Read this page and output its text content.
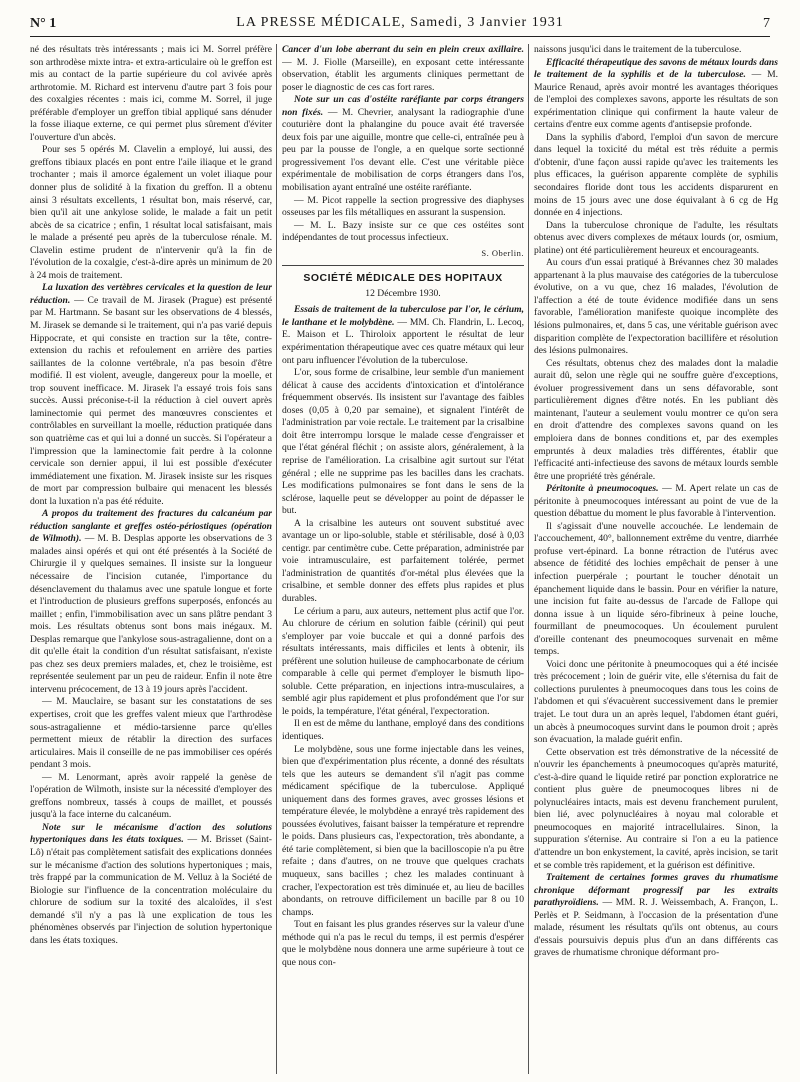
N° 1	LA PRESSE MÉDICALE, Samedi, 3 Janvier 1931	7

né des résultats très intéressants ; mais ici M. Sorrel préfère son arthrodèse mixte intra- et extra-articulaire où le greffon est mis au contact de la partie supérieure du col avivée après arthrotomie. M. Richard est intervenu d'autre part 3 fois pour des coxalgies récentes : mais ici, comme M. Sorrel, il juge préférable d'employer un greffon tibial appliqué sans dénuder la fosse iliaque externe, ce qui permet plus sûrement d'éviter l'ouverture d'un abcès.

Pour ses 5 opérés M. Clavelin a employé, lui aussi, des greffons tibiaux placés en pont entre l'aile iliaque et le grand trochanter ; mais il amorce également un volet iliaque pour donner plus de solidité à la fixation du greffon. Il a obtenu ainsi 3 résultats excellents, 1 résultat bon, mais réservé, car, bien qu'il ait une ankylose solide, le malade a fait un petit abcès de sa cicatrice ; enfin, 1 résultat local satisfaisant, mais le malade a présenté peu après de la tuberculose rénale. M. Clavelin estime prudent de n'intervenir qu'à la fin de l'évolution de la coxalgie, c'est-à-dire après un minimum de 20 à 24 mois de traitement.

La luxation des vertèbres cervicales et la question de leur réduction. — Ce travail de M. Jirasek (Prague) est présenté par M. Hartmann. Se basant sur les observations de 4 blessés, M. Jirasek se demande si le traitement, qui n'a pas varié depuis Hippocrate, et qui consiste en traction sur la tête, contre-extension du rachis et refoulement en arrière des parties saillantes de la colonne vertébrale, n'a pas besoin d'être modifié. Il est violent, aveugle, dangereux pour la moelle, et trop souvent inefficace. M. Jirasek l'a essayé trois fois sans succès. Aussi préconise-t-il la réduction à ciel ouvert après laminectomie qui permet des manœuvres conscientes et contrôlables en surveillant la moelle, réduction pratiquée dans son quatrième cas et qui lui a donné un succès. Si l'opérateur a l'impression que la laminectomie fait perdre à la colonne cervicale son dernier appui, il lui est possible d'exécuter immédiatement une fixation. M. Jirasek insiste sur les risques de mort par compression bulbaire qui menacent les blessés dont la luxation n'a pas été réduite.

A propos du traitement des fractures du calcanéum par réduction sanglante et greffes ostéo-périostiques (opération de Wilmoth). — M. B. Desplas apporte les observations de 3 malades ainsi opérés et qui ont été présentés à la Société de Chirurgie il y quelques semaines. Il insiste sur la longueur nécessaire de l'incision cutanée, l'importance du désenclavement du thalamus avec une spatule longue et forte et l'introduction de plusieurs greffons superposés, enfoncés au maillet ; enfin, l'immobilisation avec un sans plâtre pendant 3 mois. Les résultats obtenus sont bons mais inégaux. M. Desplas remarque que l'ankylose sous-astragalienne, dont on a dit qu'elle était la condition d'un résultat satisfaisant, n'existe pas chez ses deux premiers malades, et, chez le troisième, est représentée seulement par un peu de raideur. Enfin il note être intervenu précocement, de 13 à 19 jours après l'accident.

— M. Mauclaire, se basant sur les constatations de ses expertises, croit que les greffes valent mieux que l'arthrodèse sous-astragalienne et médio-tarsienne parce qu'elles permettent mieux de rétablir la direction des surfaces articulaires. Mais il conseille de ne pas immobiliser ces opérés pendant 3 mois.

— M. Lenormant, après avoir rappelé la genèse de l'opération de Wilmoth, insiste sur la nécessité d'employer des greffons nombreux, tassés à coups de maillet, et poussés jusqu'à la face interne du calcanéum.

Note sur le mécanisme d'action des solutions hypertoniques dans les états toxiques. — M. Brisset (Saint-Lô) n'était pas complètement satisfait des explications données sur le mécanisme d'action des solutions hypertoniques ; mais, très frappé par la communication de M. Velluz à la Société de Biologie sur l'influence de la concentration moléculaire du chlorure de sodium sur la toxité des alcaloïdes, il s'est demandé s'il n'y a pas là une explication de tous les phénomènes observés par l'injection de solution hypertonique dans les états toxiques.

Cancer d'un lobe aberrant du sein en plein creux axillaire. — M. J. Fiolle (Marseille), en exposant cette intéressante observation, établit les arguments cliniques permettant de poser le diagnostic de ces cas fort rares.

Note sur un cas d'ostéite raréfiante par corps étrangers non fixés. — M. Chevrier, analysant la radiographie d'une couturière dont la phalangine du pouce avait été traversée deux fois par une aiguille, montre que celle-ci, entraînée peu à peu par la pousse de l'ongle, a en quelque sorte sectionné progressivement l'os devant elle. C'est une véritable pièce expérimentale de mobilisation de corps étrangers dans l'os, mobilisation ayant entraîné une ostéite raréfiante.

— M. Picot rappelle la section progressive des diaphyses osseuses par les fils métalliques en assurant la suspension.

— M. L. Bazy insiste sur ce que ces ostéites sont indépendantes de tout processus infectieux.

S. Oberlin.
SOCIÉTÉ MÉDICALE DES HOPITAUX
12 Décembre 1930.

Essais de traitement de la tuberculose par l'or, le cérium, le lanthane et le molybdène. — MM. Ch. Flandrin, L. Lecoq, E. Maison et L. Thiroloix apportent le résultat de leur expérimentation thérapeutique avec ces quatre métaux qui leur ont paru influencer l'évolution de la tuberculose.

L'or, sous forme de crisalbine, leur semble d'un maniement délicat à cause des accidents d'intoxication et d'intolérance fréquemment observés. Ils insistent sur l'avantage des faibles doses (0,05 à 0,20 par semaine), et signalent l'intérêt de l'administration par voie rectale. Le traitement par la crisalbine doit être interrompu lorsque le malade cesse d'engraisser et que l'état général fléchit ; on assiste alors, généralement, à la reprise de l'amélioration. La crisalbine agit surtout sur l'état général ; elle ne supprime pas les bacilles dans les crachats. Les modifications pulmonaires se font dans le sens de la sclérose, laquelle peut se développer au point de dépasser le but.

A la crisalbine les auteurs ont souvent substitué avec avantage un or lipo-soluble, stable et stérilisable, dosé à 0,03 centigr. par centimètre cube. Cette préparation, administrée par voie intramusculaire, est parfaitement tolérée, permet l'administration de quantités d'or-métal plus élevées que la crisalbine, et semble donner des effets plus rapides et plus durables.

Le cérium a paru, aux auteurs, nettement plus actif que l'or. Au chlorure de cérium en solution faible (cérinil) qui peut s'employer par voie buccale et qui a donné parfois des résultats intéressants, mais difficiles et lents à obtenir, ils préfèrent une solution huileuse de camphocarbonate de cérium comparable à celle qui permet d'employer le bismuth lipo-soluble. Cette préparation, en injections intra-musculaires, a semblé agir plus rapidement et plus profondément que l'or sur le poids, la température, l'état général, l'expectoration.

Il en est de même du lanthane, employé dans des conditions identiques.

Le molybdène, sous une forme injectable dans les veines, bien que d'expérimentation plus récente, a donné des résultats tels que les auteurs se demandent s'il n'agit pas comme médicament spécifique de la tuberculose. Appliqué uniquement dans des formes graves, avec grosses lésions et température élevée, le molybdène a enrayé très rapidement des poussées évolutives, faisant baisser la température et reprendre le poids. Dans plusieurs cas, l'expectoration, très abondante, a été tarie complètement, si bien que la bacilloscopie n'a pu être refaite ; dans d'autres, on ne trouve que quelques crachats muqueux, sans bacilles ; chez les malades continuant à cracher, l'expectoration est très diminuée et, au lieu de bacilles abondants, on retrouve difficilement un bacille par 8 ou 10 champs.

Tout en faisant les plus grandes réserves sur la valeur d'une méthode qui n'a pas le recul du temps, il est permis d'espérer que le molybdène nous donnera une arme supérieure à tout ce que nous con-

naissons jusqu'ici dans le traitement de la tuberculose.

Efficacité thérapeutique des savons de métaux lourds dans le traitement de la syphilis et de la tuberculose. — M. Maurice Renaud, après avoir montré les avantages théoriques de l'emploi des complexes savons, apporte les résultats de son expérimentation clinique qui confirment la haute valeur de certains d'entre eux comme agents d'antisepsie profonde.

Dans la syphilis d'abord, l'emploi d'un savon de mercure dans lequel la toxicité du métal est très réduite a permis d'obtenir, d'une façon aussi rapide qu'avec les traitements les plus efficaces, la guérison apparente complète de syphilis secondaires floride dont tous les accidents disparurent en moins de 15 jours avec une dose équivalant à 6 cg de Hg donnée en 4 injections.

Dans la tuberculose chronique de l'adulte, les résultats obtenus avec divers complexes de métaux lourds (or, osmium, platine) ont été particulièrement heureux et encourageants.

Au cours d'un essai pratiqué à Brévannes chez 30 malades appartenant à la plus mauvaise des catégories de la tuberculose évolutive, on a vu que, chez 16 malades, l'évolution de l'affection a été de toute évidence modifiée dans un sens favorable, l'amélioration manifeste quoique incomplète des lésions pulmonaires, et, dans 5 cas, une véritable guérison avec disparition complète de l'expectoration bacillifère et résolution des lésions pulmonaires.

Ces résultats, obtenus chez des malades dont la maladie aurait dû, selon une règle qui ne souffre guère d'exceptions, évoluer progressivement dans un sens défavorable, sont particulièrement dignes d'être notés. En les publiant dès maintenant, l'auteur a seulement voulu montrer ce qu'on sera en droit d'attendre des complexes savons quand on les emploiera dans de bonnes conditions et, par des exemples empruntés à deux maladies très différentes, établir que l'efficacité anti-infectieuse des savons de métaux lourds semble être une propriété très générale.

Péritonite à pneumocoques. — M. Apert relate un cas de péritonite à pneumocoques intéressant au point de vue de la question débattue du moment le plus favorable à l'intervention.

Il s'agissait d'une nouvelle accouchée. Le lendemain de l'accouchement, 40°, ballonnement extrême du ventre, diarrhée profuse vert-épinard. La bonne rétraction de l'utérus avec absence de fétidité des lochies empêchait de penser à une infection puerpérale ; pourtant le toucher dénotait un épanchement liquide dans le bassin. Pour en vérifier la nature, une incision fut faite au-dessus de l'arcade de Fallope qui donna issue à un liquide séro-fibrineux à peine louche, fourmillant de pneumocoques. Un écoulement purulent d'oreille contenant des pneumocoques survenait en même temps.

Voici donc une péritonite à pneumocoques qui a été incisée très précocement ; loin de guérir vite, elle s'éternisa du fait de collections purulentes à pneumocoques dans tous les coins de l'abdomen et qui s'évacuèrent successivement dans le premier trajet. Le tout dura un an après lequel, l'abdomen étant guéri, un abcès à pneumocoques survint dans le poumon droit ; après son évacuation, la malade guérit enfin.

Cette observation est très démonstrative de la nécessité de n'ouvrir les épanchements à pneumocoques qu'après maturité, c'est-à-dire quand le liquide retiré par ponction exploratrice ne contient plus guère de pneumocoques libres ni de polynucléaires intacts, mais est devenu franchement purulent, bien lié, avec polynucléaires à noyau mal colorable et pneumocoques en majorité intracellulaires. Sinon, la suppuration s'éternise. Au contraire si l'on a eu la patience d'attendre un bon enkystement, la cavité, après incision, se tarit et se comble très rapidement, et la guérison est définitive.

Traitement de certaines formes graves du rhumatisme chronique déformant progressif par les extraits parathyroïdiens. — MM. R. J. Weissembach, A. Françon, L. Perlès et P. Seidmann, à l'occasion de la présentation d'une malade, résument les résultats qu'ils ont obtenus, au cours d'essais poursuivis depuis plus d'un an dans différents cas graves de rhumatisme chronique déformant pro-
